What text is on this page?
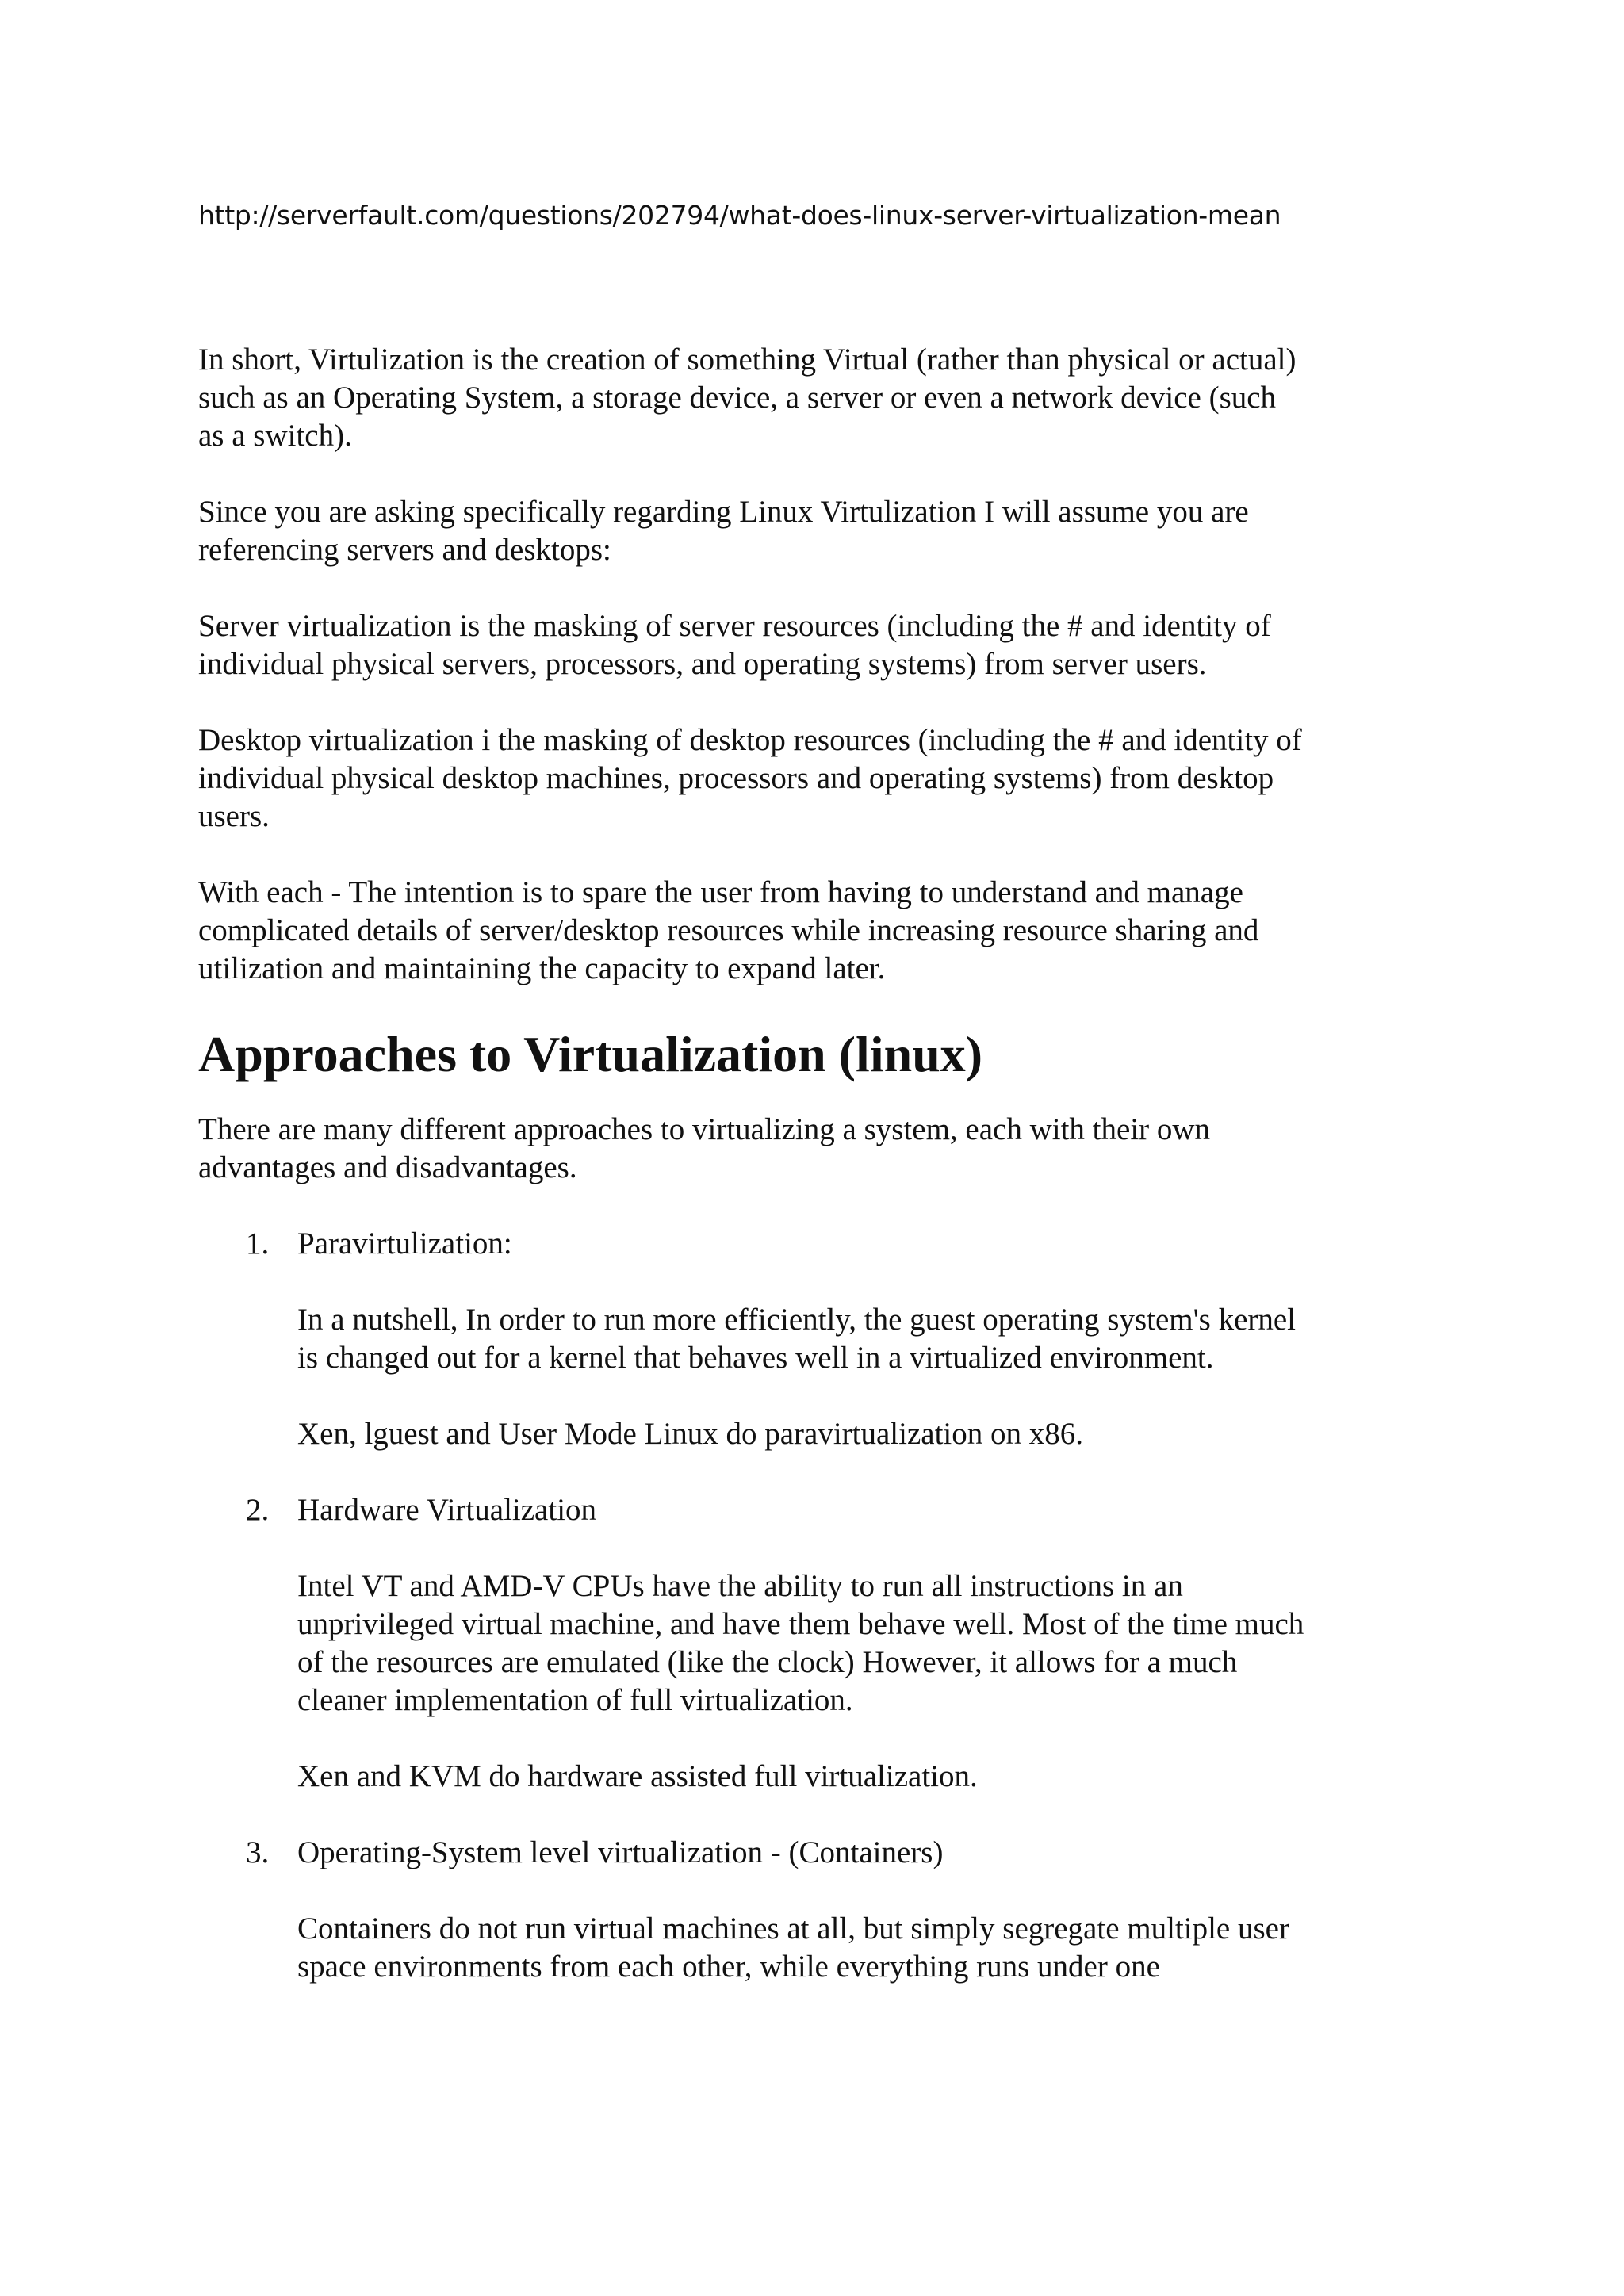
http://serverfault.com/questions/202794/what-does-linux-server-virtualization-mean

In short, Virtulization is the creation of something Virtual (rather than physical or actual) such as an Operating System, a storage device, a server or even a network device (such as a switch).

Since you are asking specifically regarding Linux Virtulization I will assume you are referencing servers and desktops:

Server virtualization is the masking of server resources (including the # and identity of individual physical servers, processors, and operating systems) from server users.

Desktop virtualization i the masking of desktop resources (including the # and identity of individual physical desktop machines, processors and operating systems) from desktop users.

With each - The intention is to spare the user from having to understand and manage complicated details of server/desktop resources while increasing resource sharing and utilization and maintaining the capacity to expand later.

Approaches to Virtualization (linux)

There are many different approaches to virtualizing a system, each with their own advantages and disadvantages.

1. Paravirtulization:
In a nutshell, In order to run more efficiently, the guest operating system's kernel is changed out for a kernel that behaves well in a virtualized environment.
Xen, lguest and User Mode Linux do paravirtualization on x86.
2. Hardware Virtualization
Intel VT and AMD-V CPUs have the ability to run all instructions in an unprivileged virtual machine, and have them behave well. Most of the time much of the resources are emulated (like the clock) However, it allows for a much cleaner implementation of full virtualization.
Xen and KVM do hardware assisted full virtualization.
3. Operating-System level virtualization - (Containers)
Containers do not run virtual machines at all, but simply segregate multiple user space environments from each other, while everything runs under one
